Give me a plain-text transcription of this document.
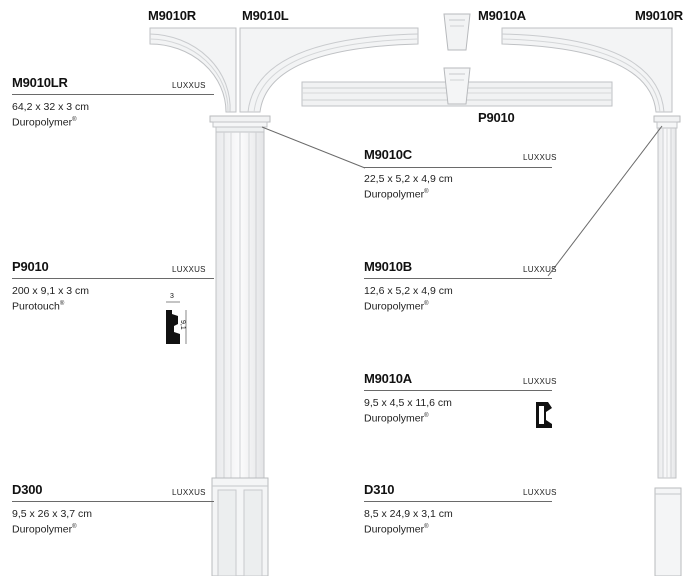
M9010R	M9010L	M9010A	M9010R
P9010
3
9,1
M9010LR	LUXXUS
64,2 x 32 x 3 cm
Duropolymer®
P9010	LUXXUS
200 x 9,1 x 3 cm
Purotouch®
D300	LUXXUS
9,5 x 26 x 3,7 cm
Duropolymer®
M9010C	LUXXUS
22,5 x 5,2 x 4,9 cm
Duropolymer®
M9010B	LUXXUS
12,6 x 5,2 x 4,9 cm
Duropolymer®
M9010A	LUXXUS
9,5 x 4,5 x 11,6 cm
Duropolymer®
D310	LUXXUS
8,5 x 24,9 x 3,1 cm
Duropolymer®
